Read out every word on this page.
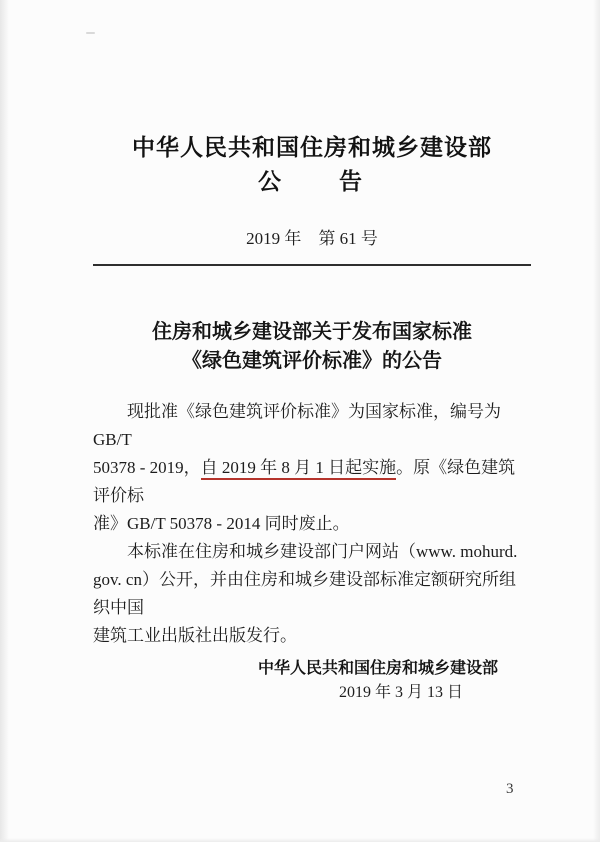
中华人民共和国住房和城乡建设部
公　　告
2019 年　第 61 号
住房和城乡建设部关于发布国家标准
《绿色建筑评价标准》的公告
现批准《绿色建筑评价标准》为国家标准，编号为 GB/T
50378 - 2019，自 2019 年 8 月 1 日起实施。原《绿色建筑评价标
准》GB/T 50378 - 2014 同时废止。
本标准在住房和城乡建设部门户网站（www. mohurd.
gov. cn）公开，并由住房和城乡建设部标准定额研究所组织中国
建筑工业出版社出版发行。
中华人民共和国住房和城乡建设部
2019 年 3 月 13 日
3
